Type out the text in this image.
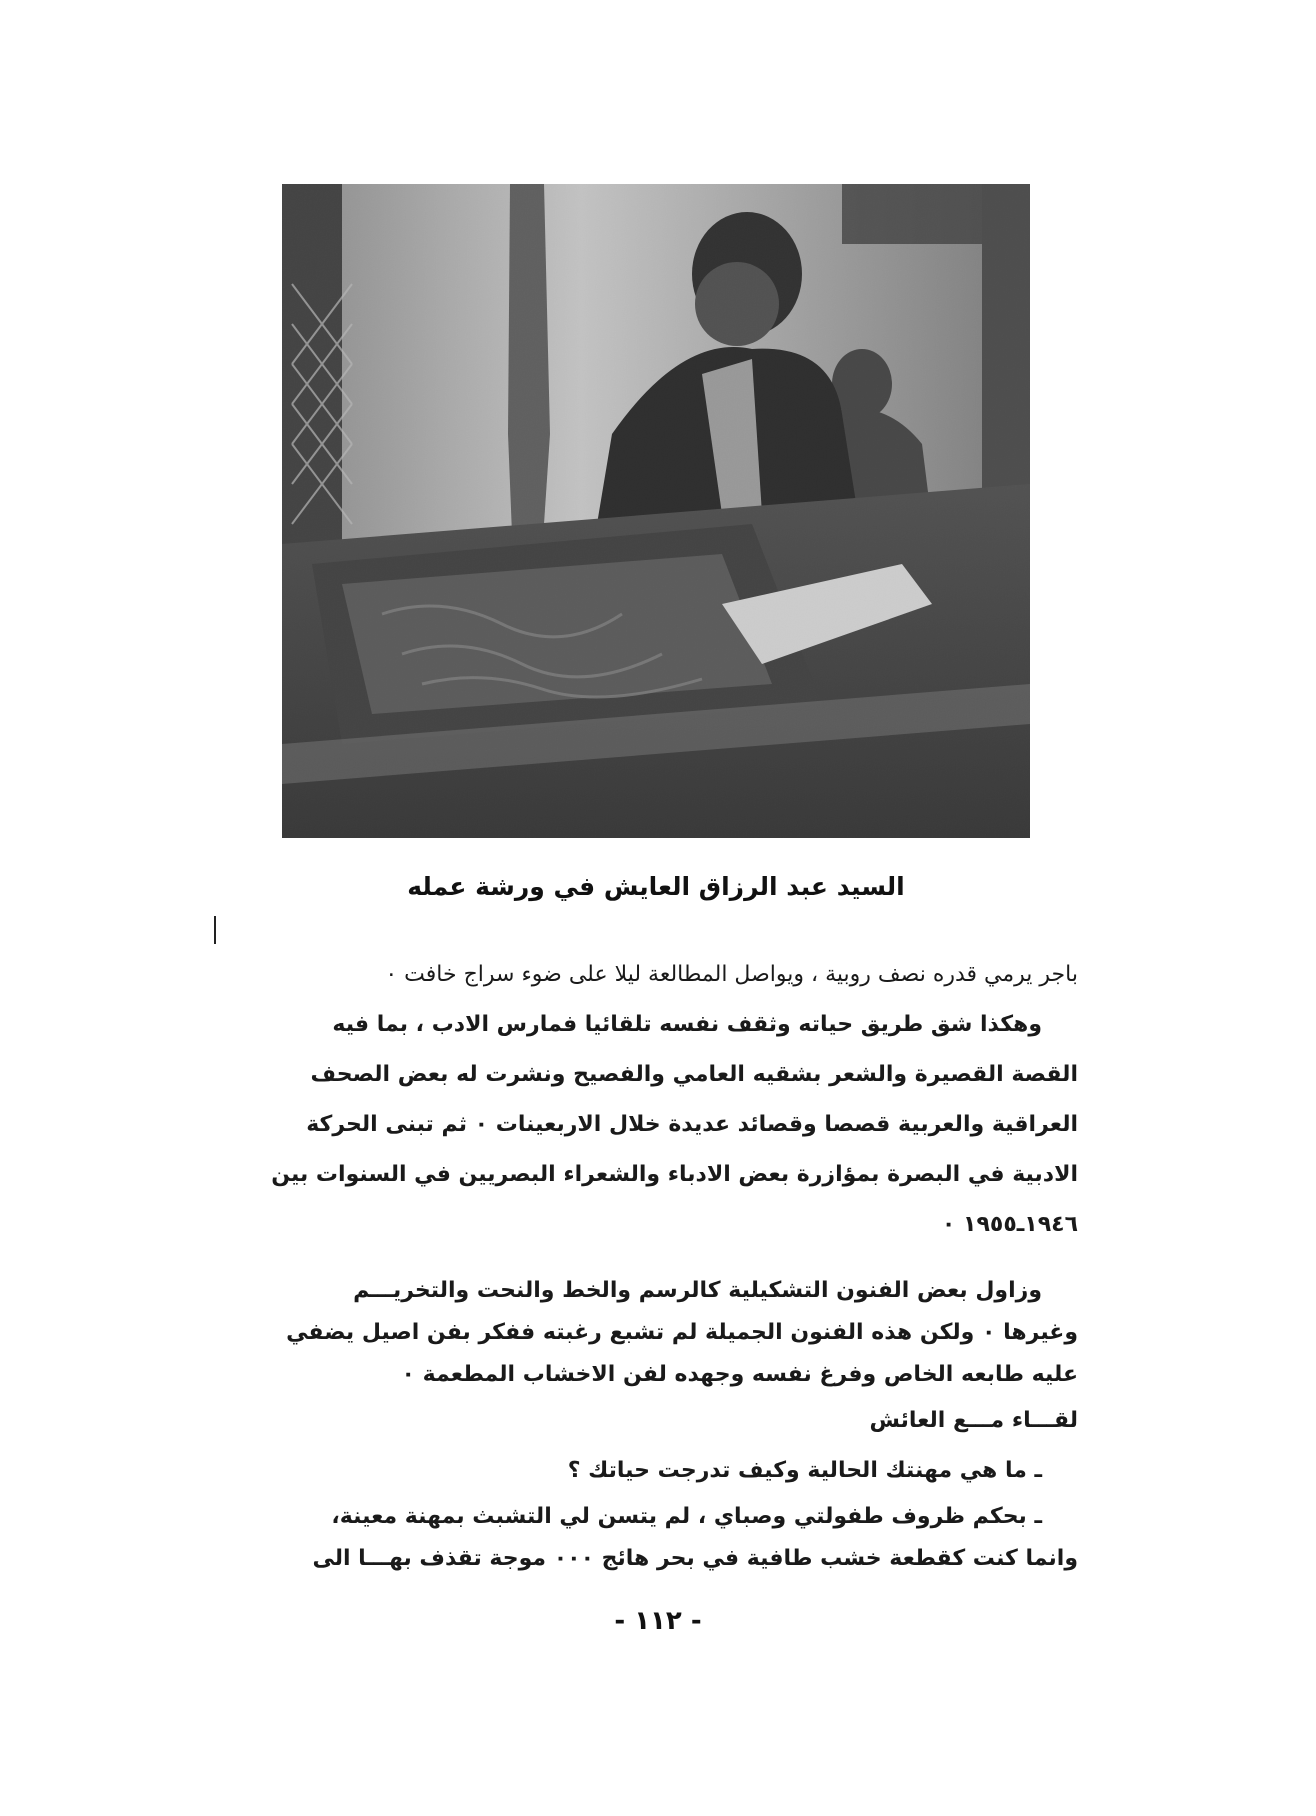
السيد عبد الرزاق العايش في ورشة عمله
باجر يرمي قدره نصف روبية ، ويواصل المطالعة ليلا على ضوء سراج خافت ٠
وهكذا شق طريق حياته وثقف نفسه تلقائيا فمارس الادب ، بما فيه
القصة القصيرة والشعر بشقيه العامي والفصيح ونشرت له بعض الصحف
العراقية والعربية قصصا وقصائد عديدة خلال الاربعينات ٠ ثم تبنى الحركة
الادبية في البصرة بمؤازرة بعض الادباء والشعراء البصريين في السنوات بين
١٩٤٦ـ١٩٥٥ ٠
وزاول بعض الفنون التشكيلية كالرسم والخط والنحت والتخريـــم
وغيرها ٠ ولكن هذه الفنون الجميلة لم تشبع رغبته ففكر بفن اصيل يضفي
عليه طابعه الخاص وفرغ نفسه وجهده لفن الاخشاب المطعمة ٠
لقـــاء مـــع العائش
ـ ما هي مهنتك الحالية وكيف تدرجت حياتك ؟
ـ بحكم ظروف طفولتي وصباي ، لم يتسن لي التشبث بمهنة معينة،
وانما كنت كقطعة خشب طافية في بحر هائج ٠٠٠ موجة تقذف بهـــا الى
- ١١٢ -
